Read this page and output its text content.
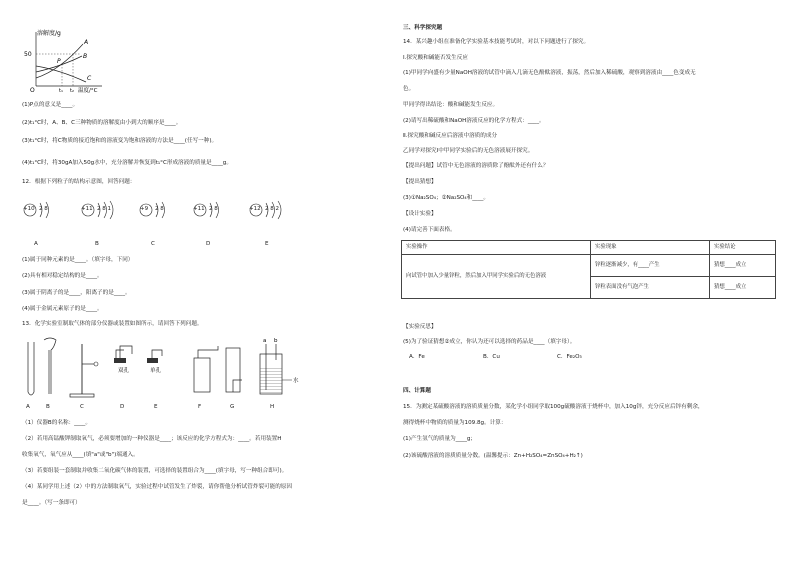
溶解度/g
50
O	t₁ t₂ 温度/°C
A
B
C
P
(1)P点的意义是____。
(2)t₁°C时，A、B、C三种物质的溶解度由小到大的顺序是____。
(3)t₁°C时，将C物质的接近饱和的溶液变为饱和溶液的方法是____(任写一种)。
(4)t₁°C时，将30gA加入50g水中，充分溶解并恢复到t₁°C形成溶液的质量是____g。
12．根据下列粒子的结构示意图，回答问题：
+10 2 8
A
+11 2 8 1
B
+9 2 8
C
+11 2 8
D
+12 2 8 2
E
(1)属于同种元素的是____。（填字母，下同）
(2)具有相对稳定结构的是____。
(3)属于阴离子的是____，阳离子的是____。
(4)属于金属元素原子的是____。
13．化学实验室制取气体的部分仪器或装置如图所示，请回答下列问题。
双孔	单孔
a b
水
A	B	C	D	E	F	G	H
（1）仪器B的名称：____。
（2）若用高锰酸钾制取氧气，必须要增加的一种仪器是____；该反应的化学方程式为：____。若用装置H
收集氧气，氧气应从____(填"a"或"b")端通入。
（3）若要组装一套制取并收集二氧化碳气体的装置，可选择的装置组合为____(填字母，写一种组合即可)。
（4）某同学用上述（2）中的方法制取氧气，实验过程中试管发生了炸裂，请你帮他分析试管炸裂可能的原因
是____。（写一条即可）
三、科学探究题
14．某兴趣小组在准备化学实验基本技能考试时，对以下问题进行了探究。
Ⅰ.探究酸和碱能否发生反应
(1)甲同学向盛有少量NaOH溶液的试管中滴入几滴无色酚酞溶液，振荡，然后加入稀硫酸，观察到溶液由____色变成无
色。
甲同学得出结论：酸和碱能发生反应。
(2)请写出稀硫酸和NaOH溶液反应的化学方程式：____。
Ⅱ.探究酸和碱反应后溶液中溶质的成分
乙同学对探究Ⅰ中甲同学实验后的无色溶液展开探究。
【提出问题】试管中无色溶液的溶质除了酚酞外还有什么？
【提出猜想】
(3)①Na₂SO₄；②Na₂SO₄和____。
【设计实验】
(4)请完善下面表格。
实验操作	实验现象	实验结论
向试管中加入少量锌粒，然后加入甲同学实验后的无色溶液	锌粒逐渐减少，有____产生	猜想____成立
	锌粒表面没有气泡产生	猜想____成立
【实验反思】
(5)为了验证猜想②成立，你认为还可以选择的药品是____（填字母）。
A．Fe	B．Cu	C．Fe₂O₃
四、计算题
15．为测定某硫酸溶液的溶质质量分数，某化学小组同学取100g硫酸溶液于烧杯中，加入10g锌，充分反应后锌有剩余，
测得烧杯中物质的质量为109.8g。计算：
(1)产生氢气的质量为____g；
(2)该硫酸溶液的溶质质量分数。(温馨提示：Zn+H₂SO₄=ZnSO₄+H₂↑)
